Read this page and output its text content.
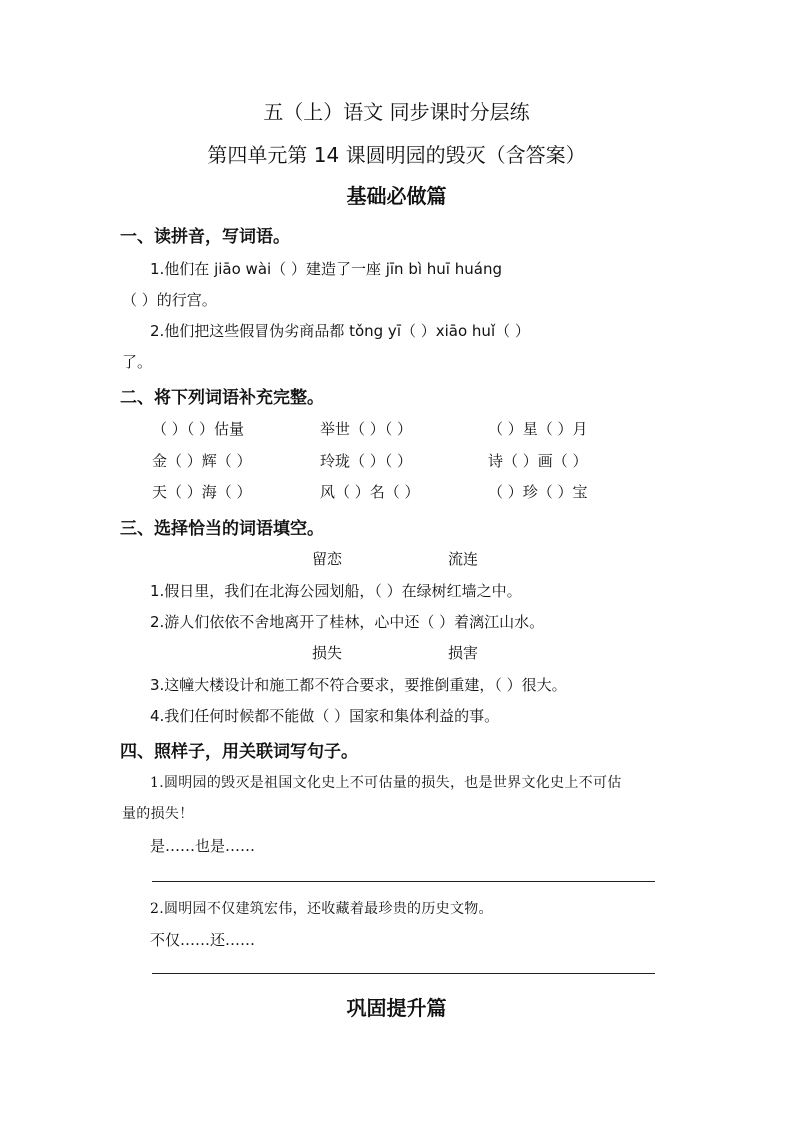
五（上）语文 同步课时分层练
第四单元第 14 课圆明园的毁灭（含答案）
基础必做篇
一、读拼音，写词语。
1.他们在 jiāo wài（ ）建造了一座 jīn bì huī huáng
（ ）的行宫。
2.他们把这些假冒伪劣商品都 tǒng yī（ ）xiāo huǐ（ ）
了。
二、将下列词语补充完整。
（ ）（ ）估量	举世（ ）（ ）	（ ）星（ ）月
金（ ）辉（ ）	玲珑（ ）（ ）	诗（ ）画（ ）
天（ ）海（ ）	风（ ）名（ ）	（ ）珍（ ）宝
三、选择恰当的词语填空。
留恋	流连
1.假日里，我们在北海公园划船，（ ）在绿树红墙之中。
2.游人们依依不舍地离开了桂林，心中还（ ）着漓江山水。
损失	损害
3.这幢大楼设计和施工都不符合要求，要推倒重建，（ ）很大。
4.我们任何时候都不能做（ ）国家和集体利益的事。
四、照样子，用关联词写句子。
1.圆明园的毁灭是祖国文化史上不可估量的损失，也是世界文化史上不可估
量的损失！
是……也是……
2.圆明园不仅建筑宏伟，还收藏着最珍贵的历史文物。
不仅……还……
巩固提升篇
